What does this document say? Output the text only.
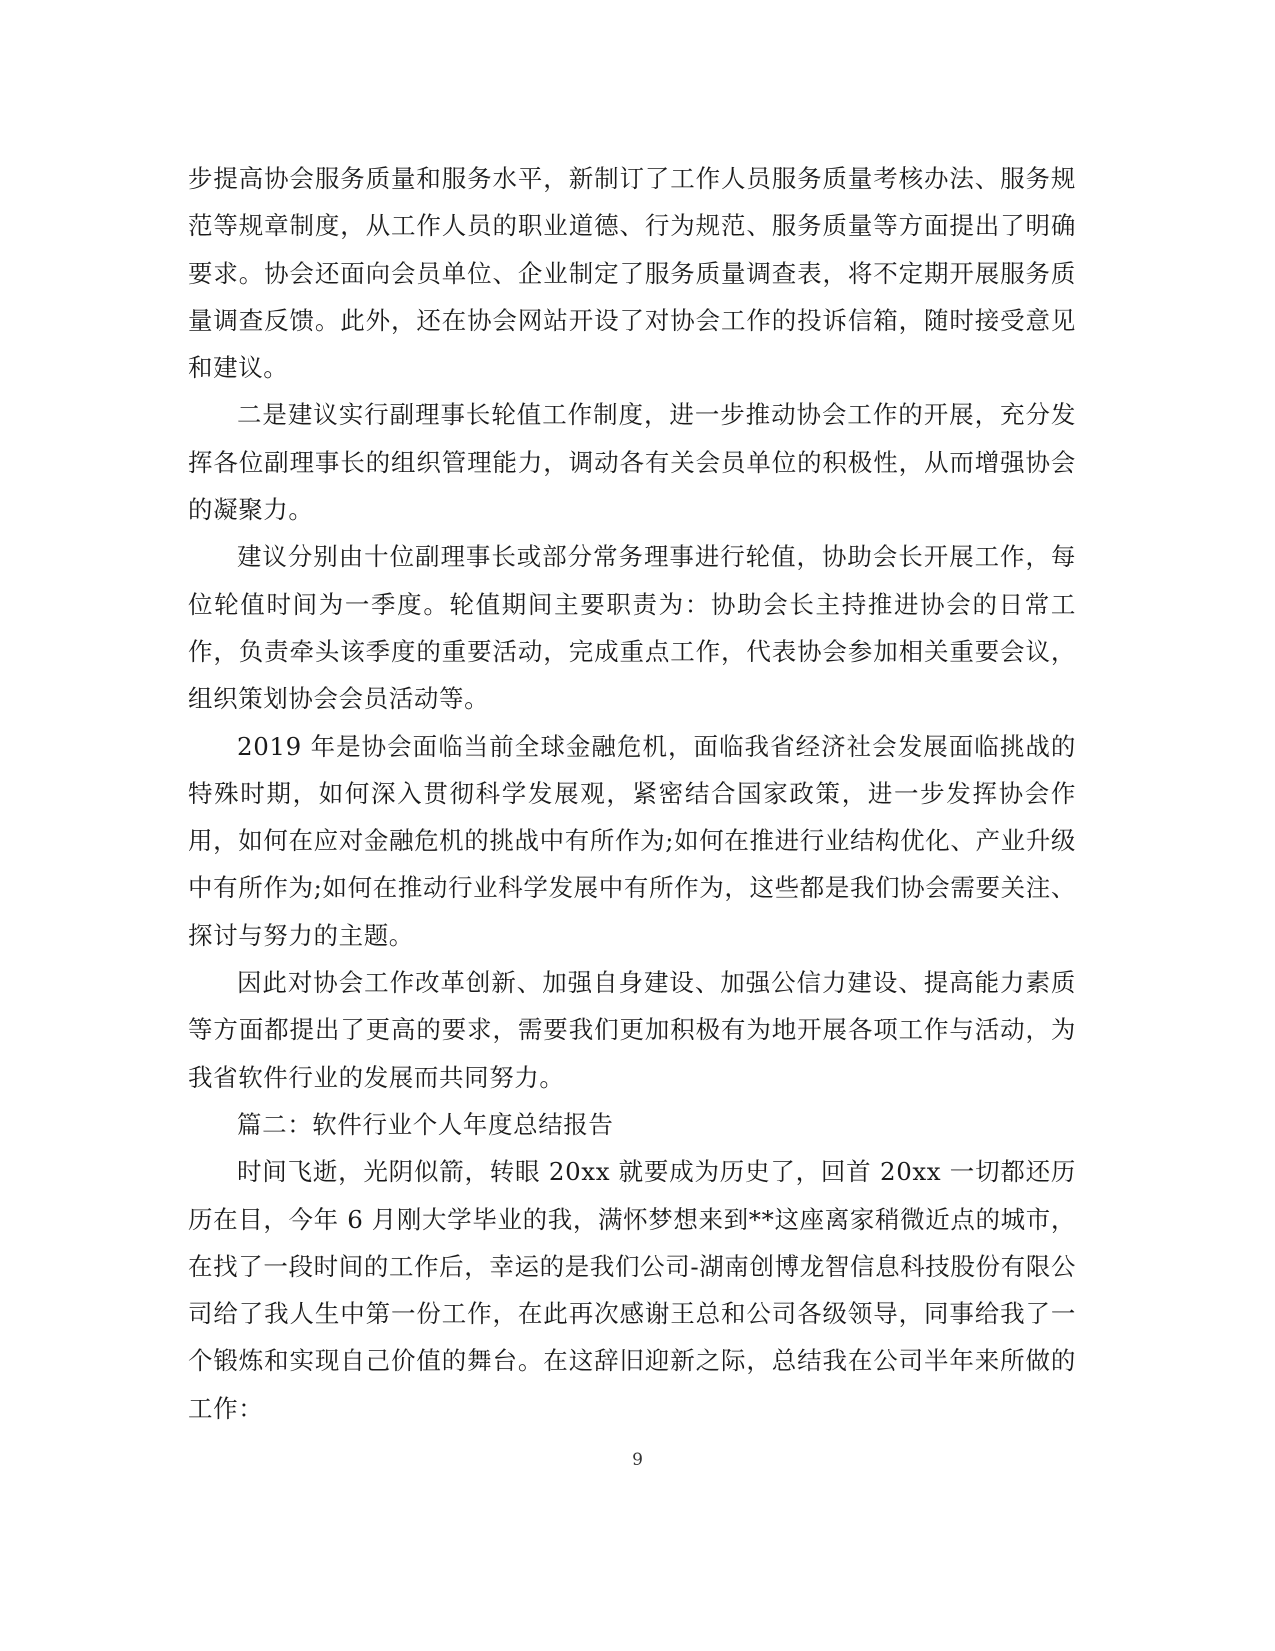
步提高协会服务质量和服务水平，新制订了工作人员服务质量考核办法、服务规范等规章制度，从工作人员的职业道德、行为规范、服务质量等方面提出了明确要求。协会还面向会员单位、企业制定了服务质量调查表，将不定期开展服务质量调查反馈。此外，还在协会网站开设了对协会工作的投诉信箱，随时接受意见和建议。

二是建议实行副理事长轮值工作制度，进一步推动协会工作的开展，充分发挥各位副理事长的组织管理能力，调动各有关会员单位的积极性，从而增强协会的凝聚力。

建议分别由十位副理事长或部分常务理事进行轮值，协助会长开展工作，每位轮值时间为一季度。轮值期间主要职责为：协助会长主持推进协会的日常工作，负责牵头该季度的重要活动，完成重点工作，代表协会参加相关重要会议，组织策划协会会员活动等。

2019 年是协会面临当前全球金融危机，面临我省经济社会发展面临挑战的特殊时期，如何深入贯彻科学发展观，紧密结合国家政策，进一步发挥协会作用，如何在应对金融危机的挑战中有所作为;如何在推进行业结构优化、产业升级中有所作为;如何在推动行业科学发展中有所作为，这些都是我们协会需要关注、探讨与努力的主题。

因此对协会工作改革创新、加强自身建设、加强公信力建设、提高能力素质等方面都提出了更高的要求，需要我们更加积极有为地开展各项工作与活动，为我省软件行业的发展而共同努力。

篇二：软件行业个人年度总结报告

时间飞逝，光阴似箭，转眼 20xx 就要成为历史了，回首 20xx 一切都还历历在目，今年 6 月刚大学毕业的我，满怀梦想来到**这座离家稍微近点的城市，在找了一段时间的工作后，幸运的是我们公司-湖南创博龙智信息科技股份有限公司给了我人生中第一份工作，在此再次感谢王总和公司各级领导，同事给我了一个锻炼和实现自己价值的舞台。在这辞旧迎新之际，总结我在公司半年来所做的工作：

9
